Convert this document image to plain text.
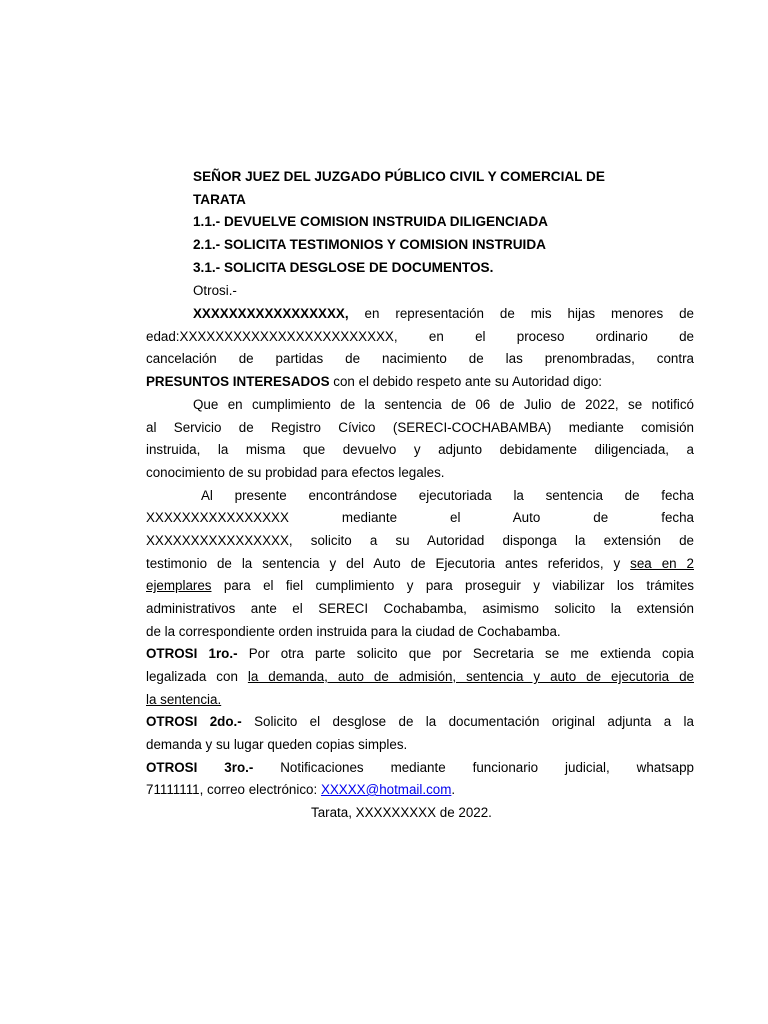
SEÑOR JUEZ DEL JUZGADO PÚBLICO CIVIL Y COMERCIAL DE
TARATA
1.1.- DEVUELVE COMISION INSTRUIDA DILIGENCIADA
2.1.- SOLICITA TESTIMONIOS Y COMISION INSTRUIDA
3.1.- SOLICITA DESGLOSE DE DOCUMENTOS.
Otrosi.-
XXXXXXXXXXXXXXXXX, en representación de mis hijas menores de
edad:XXXXXXXXXXXXXXXXXXXXXXXX, en el proceso ordinario de
cancelación de partidas de nacimiento de las prenombradas, contra
PRESUNTOS INTERESADOS con el debido respeto ante su Autoridad digo:
Que en cumplimiento de la sentencia de 06 de Julio de 2022, se notificó
al Servicio de Registro Cívico (SERECI-COCHABAMBA) mediante comisión
instruida, la misma que devuelvo y adjunto debidamente diligenciada, a
conocimiento de su probidad para efectos legales.
Al presente encontrándose ejecutoriada la sentencia de fecha
XXXXXXXXXXXXXXXX mediante el Auto de fecha
XXXXXXXXXXXXXXXX, solicito a su Autoridad disponga la extensión de
testimonio de la sentencia y del Auto de Ejecutoria antes referidos, y sea en 2
ejemplares para el fiel cumplimiento y para proseguir y viabilizar los trámites
administrativos ante el SERECI Cochabamba, asimismo solicito la extensión
de la correspondiente orden instruida para la ciudad de Cochabamba.
OTROSI 1ro.- Por otra parte solicito que por Secretaria se me extienda copia
legalizada con la demanda, auto de admisión, sentencia y auto de ejecutoria de
la sentencia.
OTROSI 2do.- Solicito el desglose de la documentación original adjunta a la
demanda y su lugar queden copias simples.
OTROSI 3ro.- Notificaciones mediante funcionario judicial, whatsapp
71111111, correo electrónico: XXXXX@hotmail.com.
Tarata, XXXXXXXXX de 2022.
